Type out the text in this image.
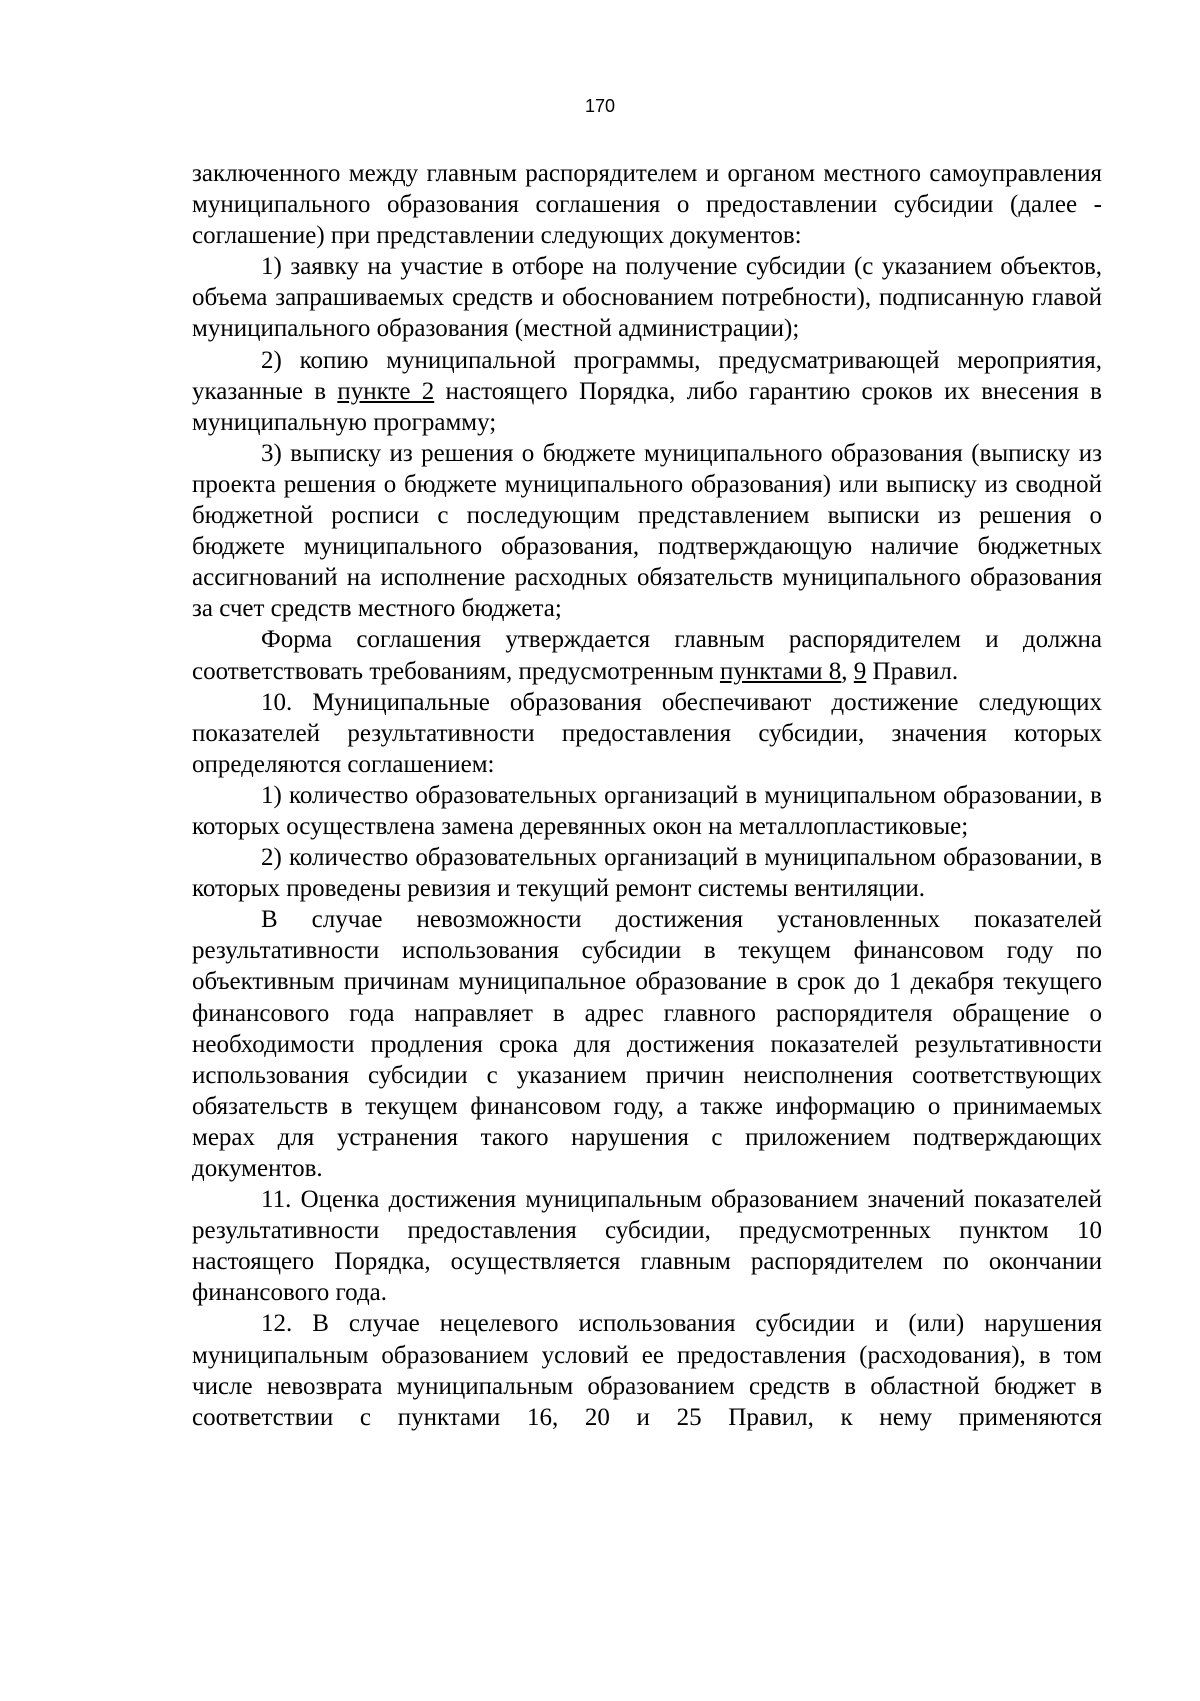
170

заключенного между главным распорядителем и органом местного самоуправления муниципального образования соглашения о предоставлении субсидии (далее - соглашение) при представлении следующих документов:

1) заявку на участие в отборе на получение субсидии (с указанием объектов, объема запрашиваемых средств и обоснованием потребности), подписанную главой муниципального образования (местной администрации);

2) копию муниципальной программы, предусматривающей мероприятия, указанные в пункте 2 настоящего Порядка, либо гарантию сроков их внесения в муниципальную программу;

3) выписку из решения о бюджете муниципального образования (выписку из проекта решения о бюджете муниципального образования) или выписку из сводной бюджетной росписи с последующим представлением выписки из решения о бюджете муниципального образования, подтверждающую наличие бюджетных ассигнований на исполнение расходных обязательств муниципального образования за счет средств местного бюджета;

Форма соглашения утверждается главным распорядителем и должна соответствовать требованиям, предусмотренным пунктами 8, 9 Правил.

10. Муниципальные образования обеспечивают достижение следующих показателей результативности предоставления субсидии, значения которых определяются соглашением:

1) количество образовательных организаций в муниципальном образовании, в которых осуществлена замена деревянных окон на металлопластиковые;

2) количество образовательных организаций в муниципальном образовании, в которых проведены ревизия и текущий ремонт системы вентиляции.

В случае невозможности достижения установленных показателей результативности использования субсидии в текущем финансовом году по объективным причинам муниципальное образование в срок до 1 декабря текущего финансового года направляет в адрес главного распорядителя обращение о необходимости продления срока для достижения показателей результативности использования субсидии с указанием причин неисполнения соответствующих обязательств в текущем финансовом году, а также информацию о принимаемых мерах для устранения такого нарушения с приложением подтверждающих документов.

11. Оценка достижения муниципальным образованием значений показателей результативности предоставления субсидии, предусмотренных пунктом 10 настоящего Порядка, осуществляется главным распорядителем по окончании финансового года.

12. В случае нецелевого использования субсидии и (или) нарушения муниципальным образованием условий ее предоставления (расходования), в том числе невозврата муниципальным образованием средств в областной бюджет в соответствии с пунктами 16, 20 и 25 Правил, к нему применяются
